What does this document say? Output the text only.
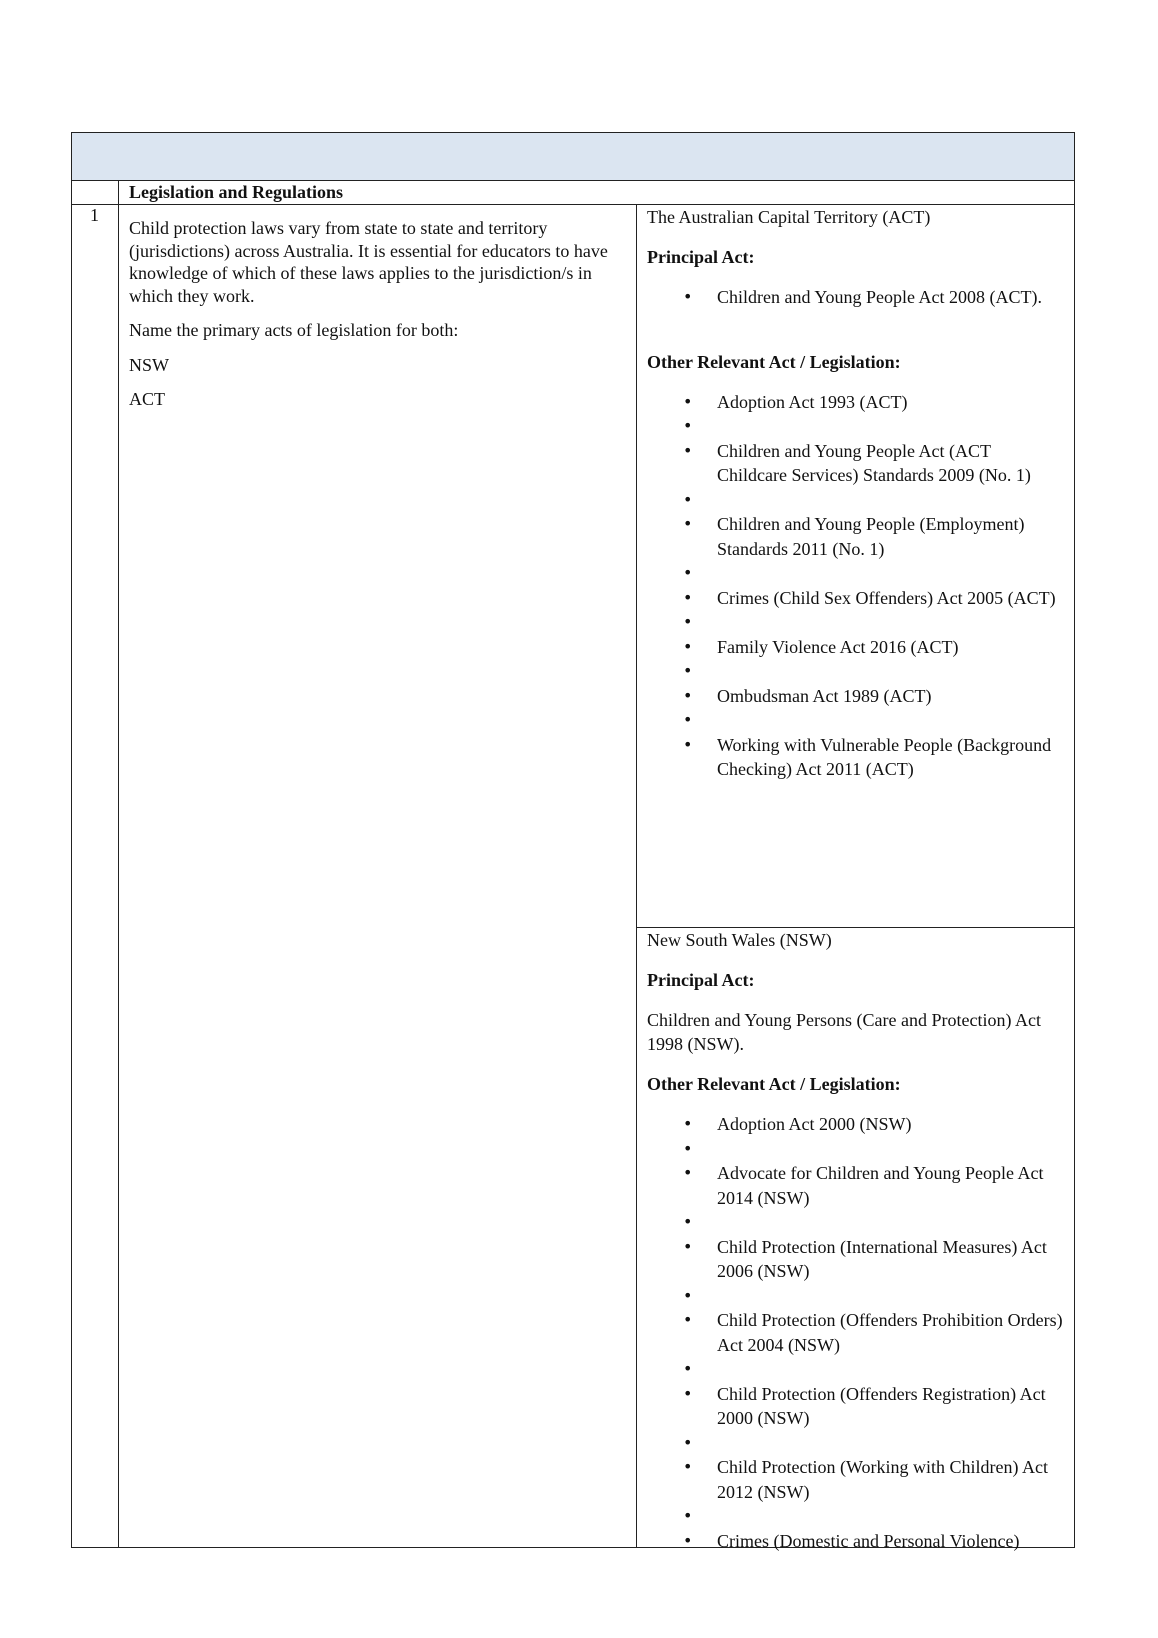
Legislation and Regulations
1

Child protection laws vary from state to state and territory (jurisdictions) across Australia. It is essential for educators to have knowledge of which of these laws applies to the jurisdiction/s in which they work.

Name the primary acts of legislation for both:

NSW

ACT

The Australian Capital Territory (ACT)

Principal Act:

• Children and Young People Act 2008 (ACT).

Other Relevant Act / Legislation:

• Adoption Act 1993 (ACT)
•
• Children and Young People Act (ACT Childcare Services) Standards 2009 (No. 1)
•
• Children and Young People (Employment) Standards 2011 (No. 1)
•
• Crimes (Child Sex Offenders) Act 2005 (ACT)
•
• Family Violence Act 2016 (ACT)
•
• Ombudsman Act 1989 (ACT)
•
• Working with Vulnerable People (Background Checking) Act 2011 (ACT)

New South Wales (NSW)

Principal Act:

Children and Young Persons (Care and Protection) Act 1998 (NSW).

Other Relevant Act / Legislation:

• Adoption Act 2000 (NSW)
•
• Advocate for Children and Young People Act 2014 (NSW)
•
• Child Protection (International Measures) Act 2006 (NSW)
•
• Child Protection (Offenders Prohibition Orders) Act 2004 (NSW)
•
• Child Protection (Offenders Registration) Act 2000 (NSW)
•
• Child Protection (Working with Children) Act 2012 (NSW)
•
• Crimes (Domestic and Personal Violence)
